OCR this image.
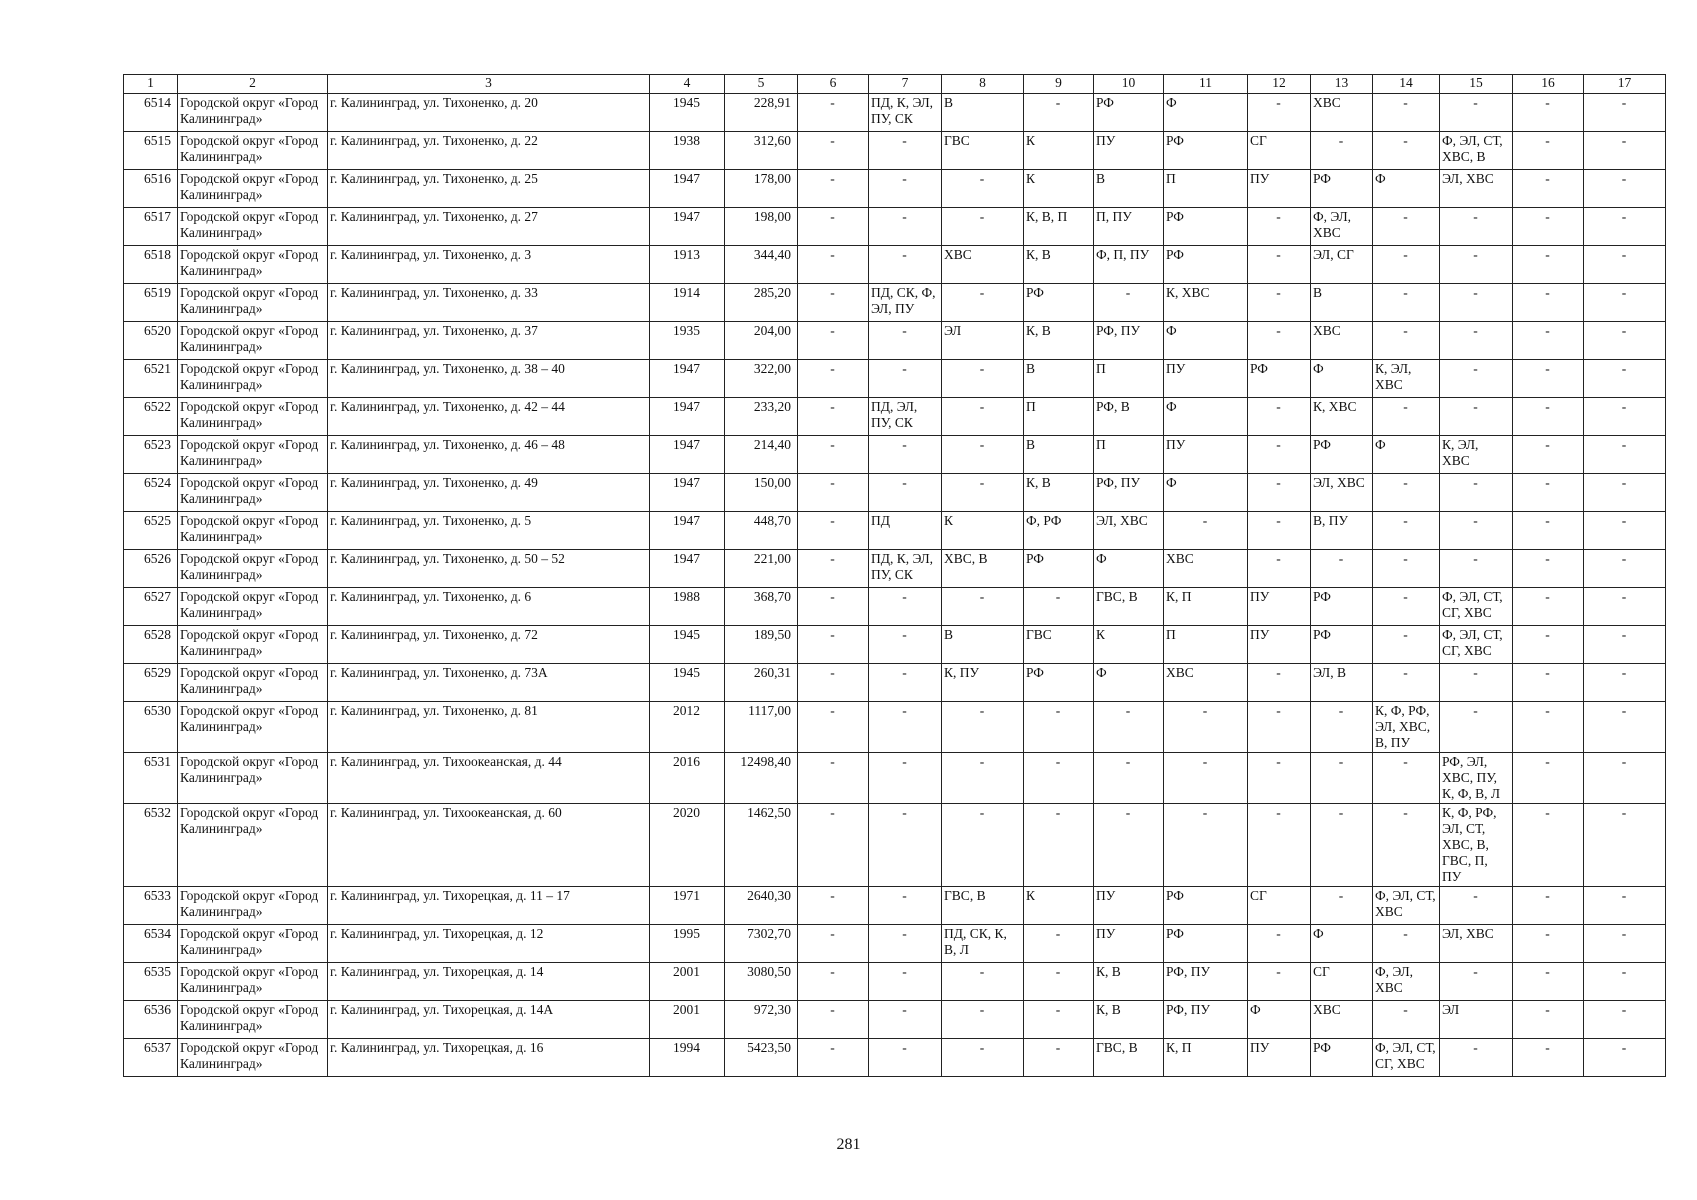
1	2	3	4	5	6	7	8	9	10	11	12	13	14	15	16	17
6514	Городской округ «Город Калининград»	г. Калининград, ул. Тихоненко, д. 20	1945	228,91	-	ПД, К, ЭЛ, ПУ, СК	В	-	РФ	Ф	-	ХВС	-	-	-	-
6515	Городской округ «Город Калининград»	г. Калининград, ул. Тихоненко, д. 22	1938	312,60	-	-	ГВС	К	ПУ	РФ	СГ	-	-	Ф, ЭЛ, СТ, ХВС, В	-	-
6516	Городской округ «Город Калининград»	г. Калининград, ул. Тихоненко, д. 25	1947	178,00	-	-	-	К	В	П	ПУ	РФ	Ф	ЭЛ, ХВС	-	-
6517	Городской округ «Город Калининград»	г. Калининград, ул. Тихоненко, д. 27	1947	198,00	-	-	-	К, В, П	П, ПУ	РФ	-	Ф, ЭЛ, ХВС	-	-	-	-
6518	Городской округ «Город Калининград»	г. Калининград, ул. Тихоненко, д. 3	1913	344,40	-	-	ХВС	К, В	Ф, П, ПУ	РФ	-	ЭЛ, СГ	-	-	-	-
6519	Городской округ «Город Калининград»	г. Калининград, ул. Тихоненко, д. 33	1914	285,20	-	ПД, СК, Ф, ЭЛ, ПУ	-	РФ	-	К, ХВС	-	В	-	-	-	-
6520	Городской округ «Город Калининград»	г. Калининград, ул. Тихоненко, д. 37	1935	204,00	-	-	ЭЛ	К, В	РФ, ПУ	Ф	-	ХВС	-	-	-	-
6521	Городской округ «Город Калининград»	г. Калининград, ул. Тихоненко, д. 38 – 40	1947	322,00	-	-	-	В	П	ПУ	РФ	Ф	К, ЭЛ, ХВС	-	-	-
6522	Городской округ «Город Калининград»	г. Калининград, ул. Тихоненко, д. 42 – 44	1947	233,20	-	ПД, ЭЛ, ПУ, СК	-	П	РФ, В	Ф	-	К, ХВС	-	-	-	-
6523	Городской округ «Город Калининград»	г. Калининград, ул. Тихоненко, д. 46 – 48	1947	214,40	-	-	-	В	П	ПУ	-	РФ	Ф	К, ЭЛ, ХВС	-	-
6524	Городской округ «Город Калининград»	г. Калининград, ул. Тихоненко, д. 49	1947	150,00	-	-	-	К, В	РФ, ПУ	Ф	-	ЭЛ, ХВС	-	-	-	-
6525	Городской округ «Город Калининград»	г. Калининград, ул. Тихоненко, д. 5	1947	448,70	-	ПД	К	Ф, РФ	ЭЛ, ХВС	-	-	В, ПУ	-	-	-	-
6526	Городской округ «Город Калининград»	г. Калининград, ул. Тихоненко, д. 50 – 52	1947	221,00	-	ПД, К, ЭЛ, ПУ, СК	ХВС, В	РФ	Ф	ХВС	-	-	-	-	-	-
6527	Городской округ «Город Калининград»	г. Калининград, ул. Тихоненко, д. 6	1988	368,70	-	-	-	-	ГВС, В	К, П	ПУ	РФ	-	Ф, ЭЛ, СТ, СГ, ХВС	-	-
6528	Городской округ «Город Калининград»	г. Калининград, ул. Тихоненко, д. 72	1945	189,50	-	-	В	ГВС	К	П	ПУ	РФ	-	Ф, ЭЛ, СТ, СГ, ХВС	-	-
6529	Городской округ «Город Калининград»	г. Калининград, ул. Тихоненко, д. 73А	1945	260,31	-	-	К, ПУ	РФ	Ф	ХВС	-	ЭЛ, В	-	-	-	-
6530	Городской округ «Город Калининград»	г. Калининград, ул. Тихоненко, д. 81	2012	1117,00	-	-	-	-	-	-	-	-	К, Ф, РФ, ЭЛ, ХВС, В, ПУ	-	-	-
6531	Городской округ «Город Калининград»	г. Калининград, ул. Тихоокеанская, д. 44	2016	12498,40	-	-	-	-	-	-	-	-	-	РФ, ЭЛ, ХВС, ПУ, К, Ф, В, Л	-	-
6532	Городской округ «Город Калининград»	г. Калининград, ул. Тихоокеанская, д. 60	2020	1462,50	-	-	-	-	-	-	-	-	-	К, Ф, РФ, ЭЛ, СТ, ХВС, В, ГВС, П, ПУ	-	-
6533	Городской округ «Город Калининград»	г. Калининград, ул. Тихорецкая, д. 11 – 17	1971	2640,30	-	-	ГВС, В	К	ПУ	РФ	СГ	-	Ф, ЭЛ, СТ, ХВС	-	-	-
6534	Городской округ «Город Калининград»	г. Калининград, ул. Тихорецкая, д. 12	1995	7302,70	-	-	ПД, СК, К, В, Л	-	ПУ	РФ	-	Ф	-	ЭЛ, ХВС	-	-
6535	Городской округ «Город Калининград»	г. Калининград, ул. Тихорецкая, д. 14	2001	3080,50	-	-	-	-	К, В	РФ, ПУ	-	СГ	Ф, ЭЛ, ХВС	-	-	-
6536	Городской округ «Город Калининград»	г. Калининград, ул. Тихорецкая, д. 14А	2001	972,30	-	-	-	-	К, В	РФ, ПУ	Ф	ХВС	-	ЭЛ	-	-
6537	Городской округ «Город Калининград»	г. Калининград, ул. Тихорецкая, д. 16	1994	5423,50	-	-	-	-	ГВС, В	К, П	ПУ	РФ	Ф, ЭЛ, СТ, СГ, ХВС	-	-	-
281
